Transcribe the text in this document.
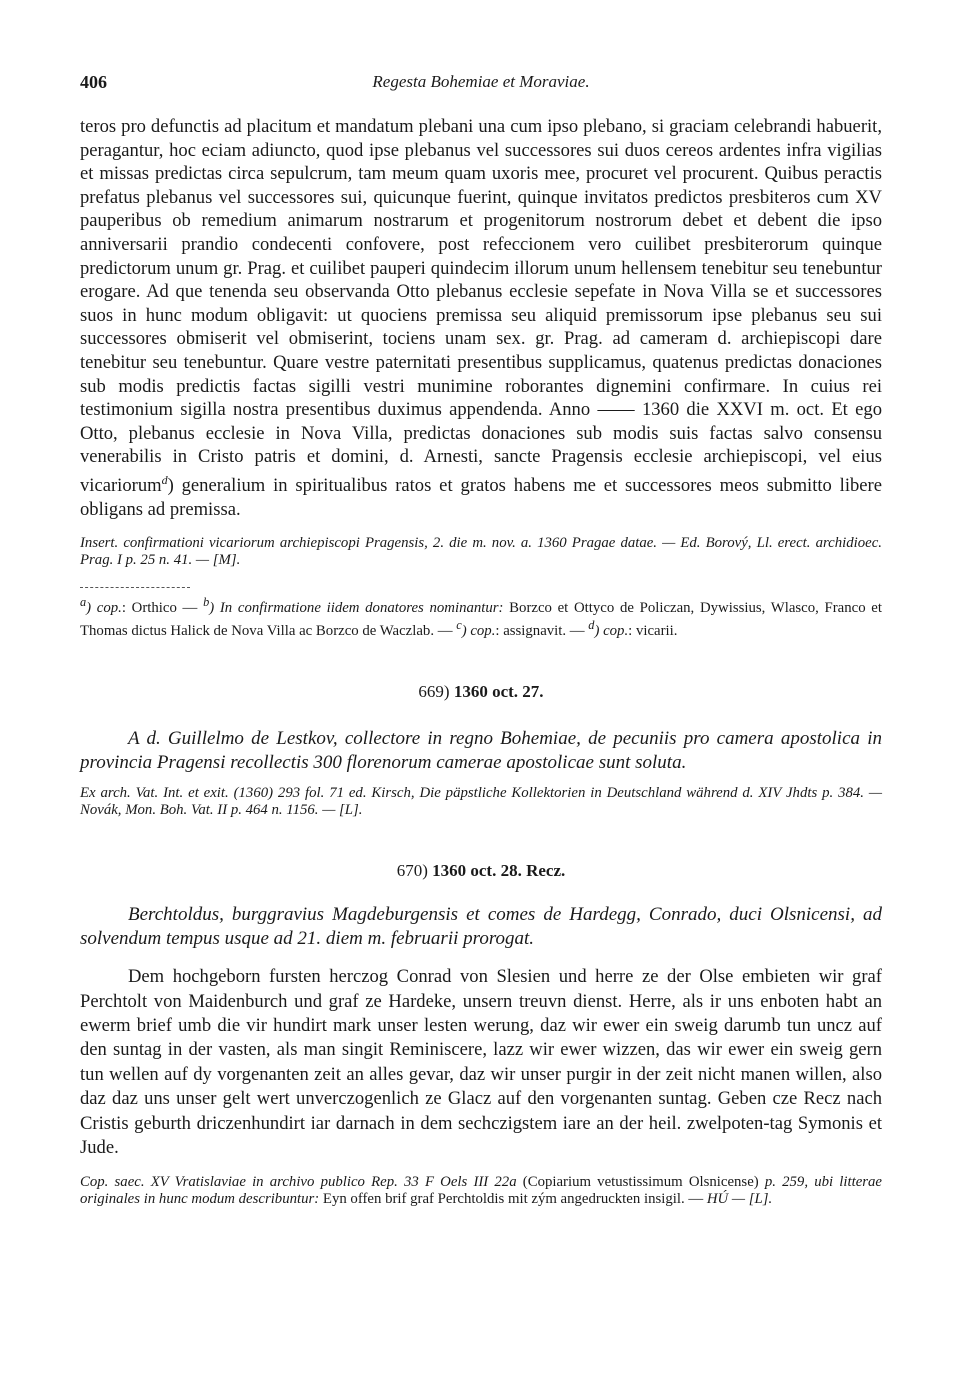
406	Regesta Bohemiae et Moraviae.

teros pro defunctis ad placitum et mandatum plebani una cum ipso plebano, si graciam celebrandi habuerit, peragantur, hoc eciam adiuncto, quod ipse plebanus vel successores sui duos cereos ardentes infra vigilias et missas predictas circa sepulcrum, tam meum quam uxoris mee, procuret vel procurent. Quibus peractis prefatus plebanus vel successores sui, quicunque fuerint, quinque invitatos predictos presbiteros cum XV pauperibus ob remedium animarum nostrarum et progenitorum nostrorum debet et debent die ipso anniversarii prandio condecenti confovere, post refeccionem vero cuilibet presbiterorum quinque predictorum unum gr. Prag. et cuilibet pauperi quindecim illorum unum hellensem tenebitur seu tenebuntur erogare. Ad que tenenda seu observanda Otto plebanus ecclesie sepefate in Nova Villa se et successores suos in hunc modum obligavit: ut quociens premissa seu aliquid premissorum ipse plebanus seu sui successores obmiserit vel obmiserint, tociens unam sex. gr. Prag. ad cameram d. archiepiscopi dare tenebitur seu tenebuntur. Quare vestre paternitati presentibus supplicamus, quatenus predictas donaciones sub modis predictis factas sigilli vestri munimine roborantes dignemini confirmare. In cuius rei testimonium sigilla nostra presentibus duximus appendenda. Anno —— 1360 die XXVI m. oct. Et ego Otto, plebanus ecclesie in Nova Villa, predictas donaciones sub modis suis factas salvo consensu venerabilis in Cristo patris et domini, d. Arnesti, sancte Pragensis ecclesie archiepiscopi, vel eius vicariorum$^d$) generalium in spiritualibus ratos et gratos habens me et successores meos submitto libere obligans ad premissa.

Insert. confirmationi vicariorum archiepiscopi Pragensis, 2. die m. nov. a. 1360 Pragae datae. — Ed. Borový, Ll. erect. archidioec. Prag. I p. 25 n. 41. — [M].
$^a$) cop.: Orthico — $^b$) In confirmatione iidem donatores nominantur: Borzco et Ottyco de Policzan, Dywissius, Wlasco, Franco et Thomas dictus Halick de Nova Villa ac Borzco de Waczlab. — $^c$) cop.: assignavit. — $^d$) cop.: vicarii.
669) 1360 oct. 27.

A d. Guillelmo de Lestkov, collectore in regno Bohemiae, de pecuniis pro camera apostolica in provincia Pragensi recollectis 300 florenorum camerae apostolicae sunt soluta.

Ex arch. Vat. Int. et exit. (1360) 293 fol. 71 ed. Kirsch, Die päpstliche Kollektorien in Deutschland während d. XIV Jhdts p. 384. — Novák, Mon. Boh. Vat. II p. 464 n. 1156. — [L].
670) 1360 oct. 28. Recz.

Berchtoldus, burggravius Magdeburgensis et comes de Hardegg, Conrado, duci Olsnicensi, ad solvendum tempus usque ad 21. diem m. februarii prorogat.

Dem hochgeborn fursten herczog Conrad von Slesien und herre ze der Olse embieten wir graf Perchtolt von Maidenburch und graf ze Hardeke, unsern treuvn dienst. Herre, als ir uns enboten habt an ewerm brief umb die vir hundirt mark unser lesten werung, daz wir ewer ein sweig darumb tun uncz auf den suntag in der vasten, als man singit Reminiscere, lazz wir ewer wizzen, das wir ewer ein sweig gern tun wellen auf dy vorgenanten zeit an alles gevar, daz wir unser purgir in der zeit nicht manen willen, also daz daz uns unser gelt wert unverczogenlich ze Glacz auf den vorgenanten suntag. Geben cze Recz nach Cristis geburth driczenhundirt iar darnach in dem sechczigstem iare an der heil. zwelpoten-tag Symonis et Jude.
Cop. saec. XV Vratislaviae in archivo publico Rep. 33 F Oels III 22a (Copiarium vetustissimum Olsnicense) p. 259, ubi litterae originales in hunc modum describuntur: Eyn offen brif graf Perchtoldis mit zým angedruckten insigil. — HÚ — [L].
